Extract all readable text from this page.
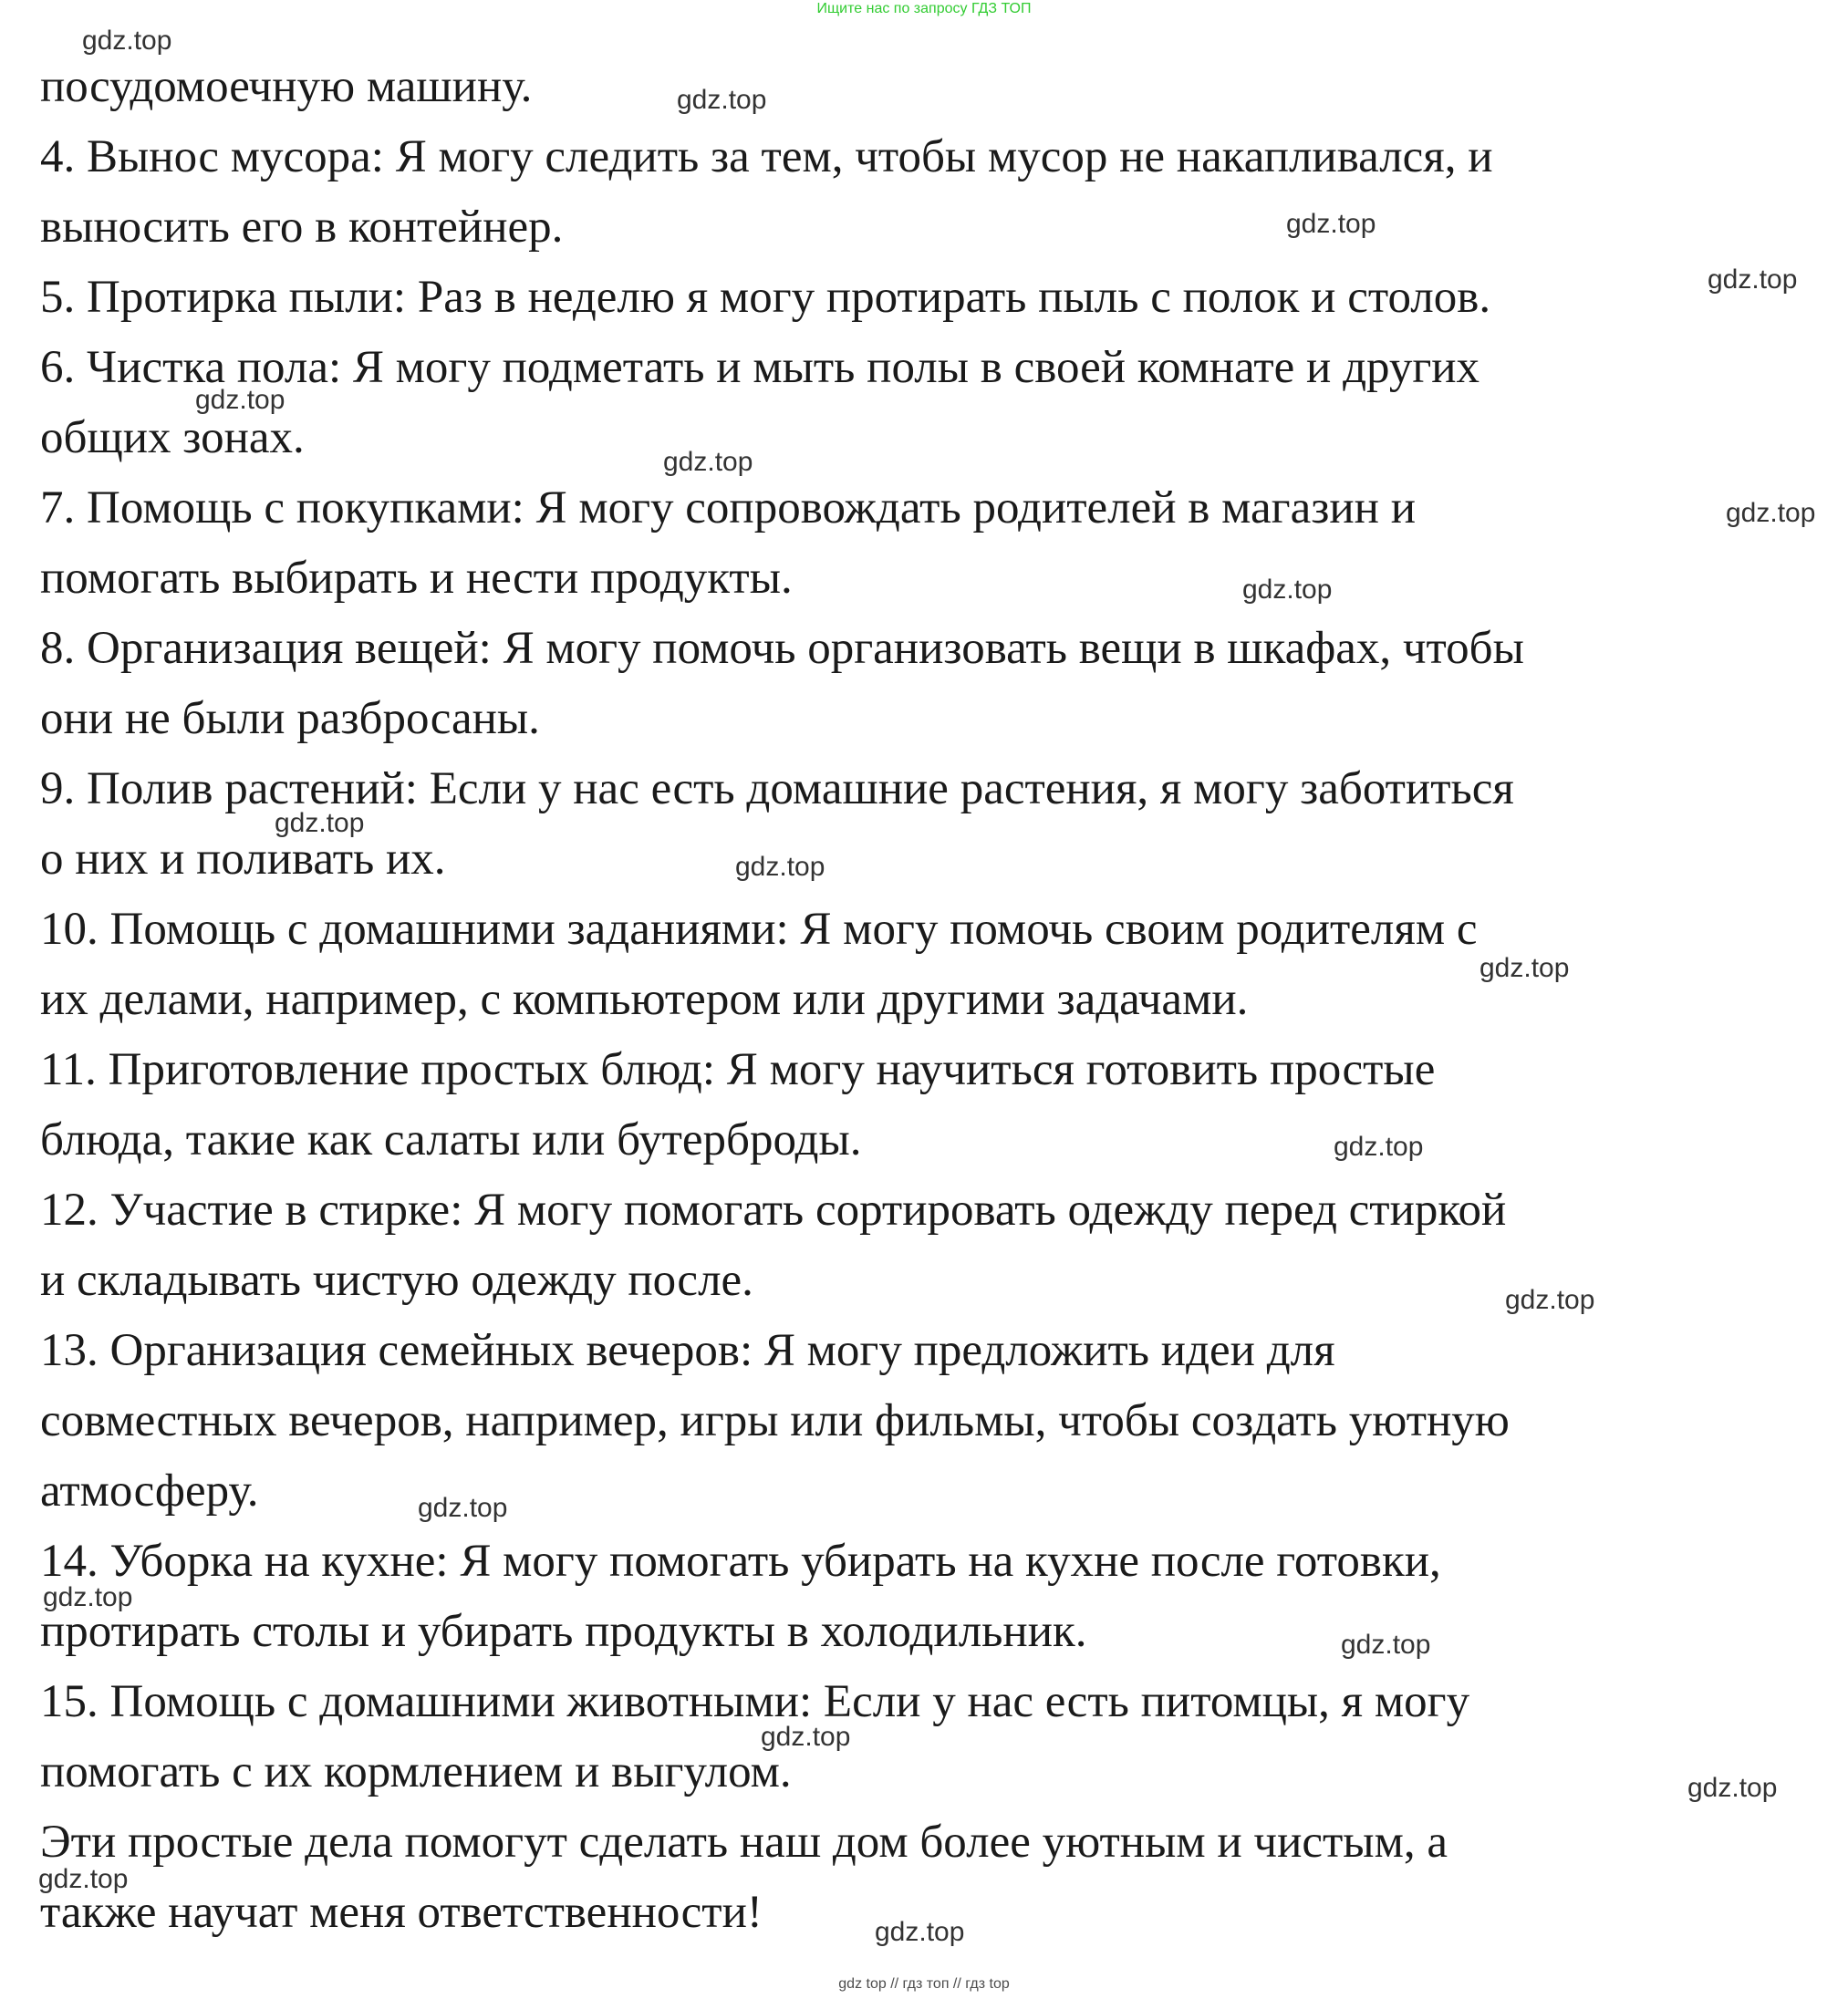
Ищите нас по запросу ГДЗ ТОП
посудомоечную машину.
4. Вынос мусора: Я могу следить за тем, чтобы мусор не накапливался, и
выносить его в контейнер.
5. Протирка пыли: Раз в неделю я могу протирать пыль с полок и столов.
6. Чистка пола: Я могу подметать и мыть полы в своей комнате и других
общих зонах.
7. Помощь с покупками: Я могу сопровождать родителей в магазин и
помогать выбирать и нести продукты.
8. Организация вещей: Я могу помочь организовать вещи в шкафах, чтобы
они не были разбросаны.
9. Полив растений: Если у нас есть домашние растения, я могу заботиться
о них и поливать их.
10. Помощь с домашними заданиями: Я могу помочь своим родителям с
их делами, например, с компьютером или другими задачами.
11. Приготовление простых блюд: Я могу научиться готовить простые
блюда, такие как салаты или бутерброды.
12. Участие в стирке: Я могу помогать сортировать одежду перед стиркой
и складывать чистую одежду после.
13. Организация семейных вечеров: Я могу предложить идеи для
совместных вечеров, например, игры или фильмы, чтобы создать уютную
атмосферу.
14. Уборка на кухне: Я могу помогать убирать на кухне после готовки,
протирать столы и убирать продукты в холодильник.
15. Помощь с домашними животными: Если у нас есть питомцы, я могу
помогать с их кормлением и выгулом.
Эти простые дела помогут сделать наш дом более уютным и чистым, а
также научат меня ответственности!
gdz.top
gdz.top
gdz.top
gdz.top
gdz.top
gdz.top
gdz.top
gdz.top
gdz.top
gdz.top
gdz.top
gdz.top
gdz.top
gdz.top
gdz.top
gdz.top
gdz.top
gdz.top
gdz.top
gdz.top
gdz top // гдз топ // гдз top
